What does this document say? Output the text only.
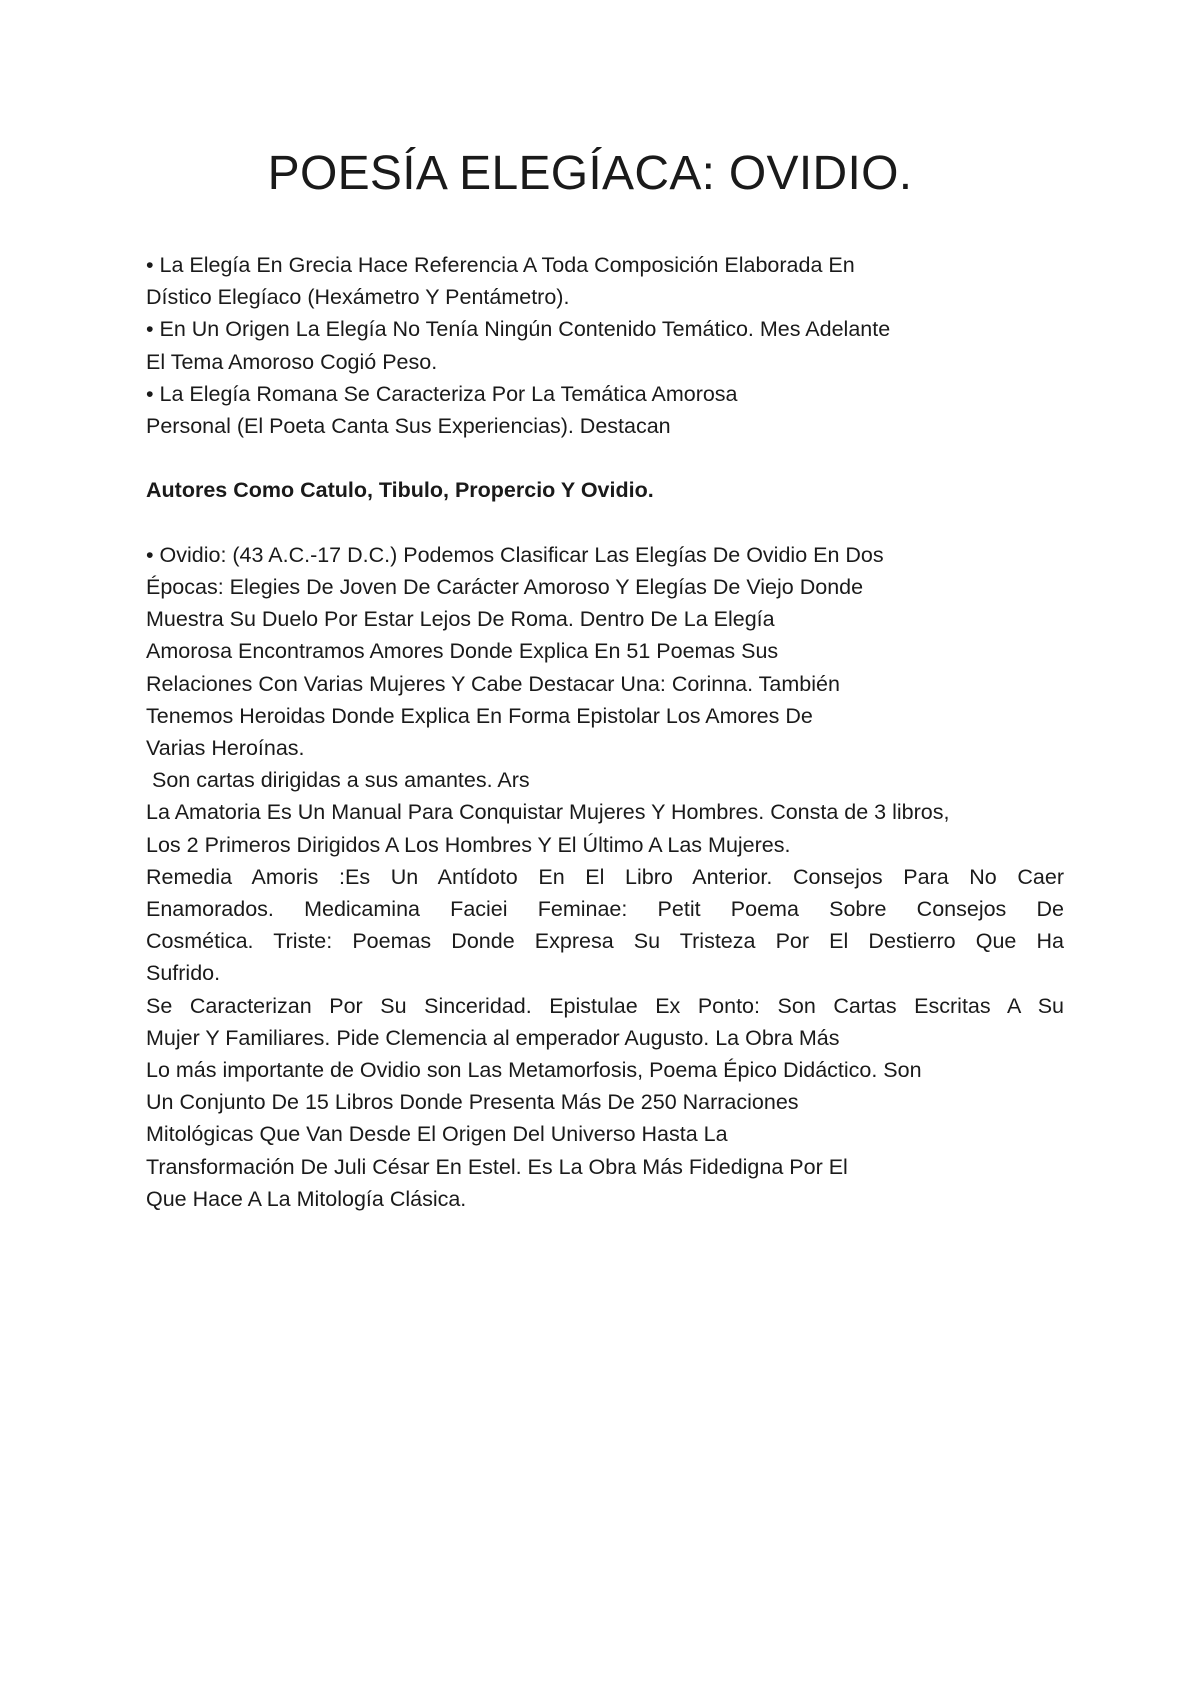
POESÍA ELEGÍACA: OVIDIO.
• La Elegía En Grecia Hace Referencia A Toda Composición Elaborada En
Dístico Elegíaco (Hexámetro Y Pentámetro).
• En Un Origen La Elegía No Tenía Ningún Contenido Temático. Mes Adelante
El Tema Amoroso Cogió Peso.
• La Elegía Romana Se Caracteriza Por La Temática Amorosa
Personal (El Poeta Canta Sus Experiencias). Destacan
Autores Como Catulo, Tibulo, Propercio Y Ovidio.
• Ovidio: (43 A.C.-17 D.C.) Podemos Clasificar Las Elegías De Ovidio En Dos
Épocas: Elegies De Joven De Carácter Amoroso Y Elegías De Viejo Donde
Muestra Su Duelo Por Estar Lejos De Roma. Dentro De La Elegía
Amorosa Encontramos Amores Donde Explica En 51 Poemas Sus
Relaciones Con Varias Mujeres Y Cabe Destacar Una: Corinna. También
Tenemos Heroidas Donde Explica En Forma Epistolar Los Amores De
Varias Heroínas.
Son cartas dirigidas a sus amantes. Ars
La Amatoria Es Un Manual Para Conquistar Mujeres Y Hombres. Consta de 3 libros,
Los 2 Primeros Dirigidos A Los Hombres Y El Último A Las Mujeres.
Remedia Amoris :Es Un Antídoto En El Libro Anterior. Consejos Para No Caer
Enamorados. Medicamina Faciei Feminae: Petit Poema Sobre Consejos De
Cosmética. Triste: Poemas Donde Expresa Su Tristeza Por El Destierro Que Ha
Sufrido.
Se Caracterizan Por Su Sinceridad. Epistulae Ex Ponto: Son Cartas Escritas A Su
Mujer Y Familiares. Pide Clemencia al emperador Augusto. La Obra Más
Lo más importante de Ovidio son Las Metamorfosis, Poema Épico Didáctico. Son
Un Conjunto De 15 Libros Donde Presenta Más De 250 Narraciones
Mitológicas Que Van Desde El Origen Del Universo Hasta La
Transformación De Juli César En Estel. Es La Obra Más Fidedigna Por El
Que Hace A La Mitología Clásica.
